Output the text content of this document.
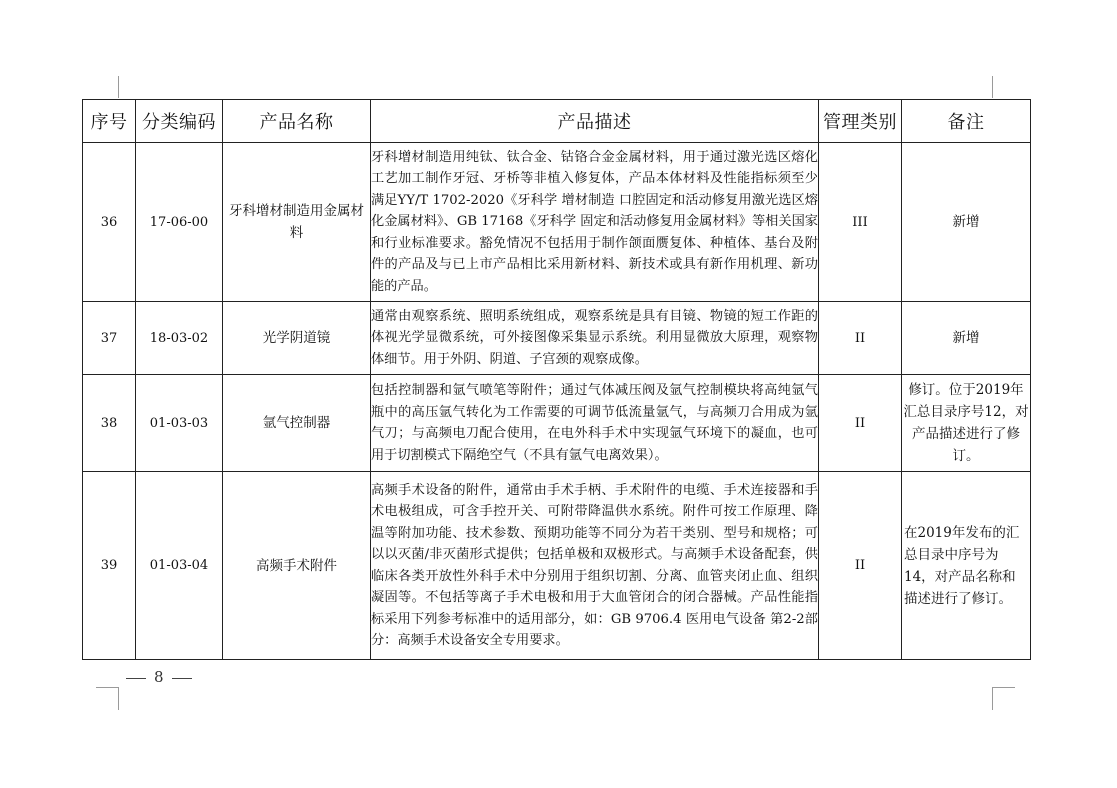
序号	分类编码	产品名称	产品描述	管理类别	备注
36	17-06-00	牙科增材制造用金属材料	牙科增材制造用纯钛、钛合金、钴铬合金金属材料，用于通过激光选区熔化工艺加工制作牙冠、牙桥等非植入修复体，产品本体材料及性能指标须至少满足YY/T 1702-2020《牙科学 增材制造 口腔固定和活动修复用激光选区熔化金属材料》、GB 17168《牙科学 固定和活动修复用金属材料》等相关国家和行业标准要求。豁免情况不包括用于制作颌面赝复体、种植体、基台及附件的产品及与已上市产品相比采用新材料、新技术或具有新作用机理、新功能的产品。	III	新增
37	18-03-02	光学阴道镜	通常由观察系统、照明系统组成，观察系统是具有目镜、物镜的短工作距的体视光学显微系统，可外接图像采集显示系统。利用显微放大原理，观察物体细节。用于外阴、阴道、子宫颈的观察成像。	II	新增
38	01-03-03	氩气控制器	包括控制器和氩气喷笔等附件；通过气体减压阀及氩气控制模块将高纯氩气瓶中的高压氩气转化为工作需要的可调节低流量氩气，与高频刀合用成为氩气刀；与高频电刀配合使用，在电外科手术中实现氩气环境下的凝血，也可用于切割模式下隔绝空气（不具有氩气电离效果）。	II	修订。位于2019年汇总目录序号12，对产品描述进行了修订。
39	01-03-04	高频手术附件	高频手术设备的附件，通常由手术手柄、手术附件的电缆、手术连接器和手术电极组成，可含手控开关、可附带降温供水系统。附件可按工作原理、降温等附加功能、技术参数、预期功能等不同分为若干类别、型号和规格；可以以灭菌/非灭菌形式提供；包括单极和双极形式。与高频手术设备配套，供临床各类开放性外科手术中分别用于组织切割、分离、血管夹闭止血、组织凝固等。不包括等离子手术电极和用于大血管闭合的闭合器械。产品性能指标采用下列参考标准中的适用部分，如：GB 9706.4 医用电气设备 第2-2部分：高频手术设备安全专用要求。	II	在2019年发布的汇总目录中序号为14，对产品名称和描述进行了修订。
8
